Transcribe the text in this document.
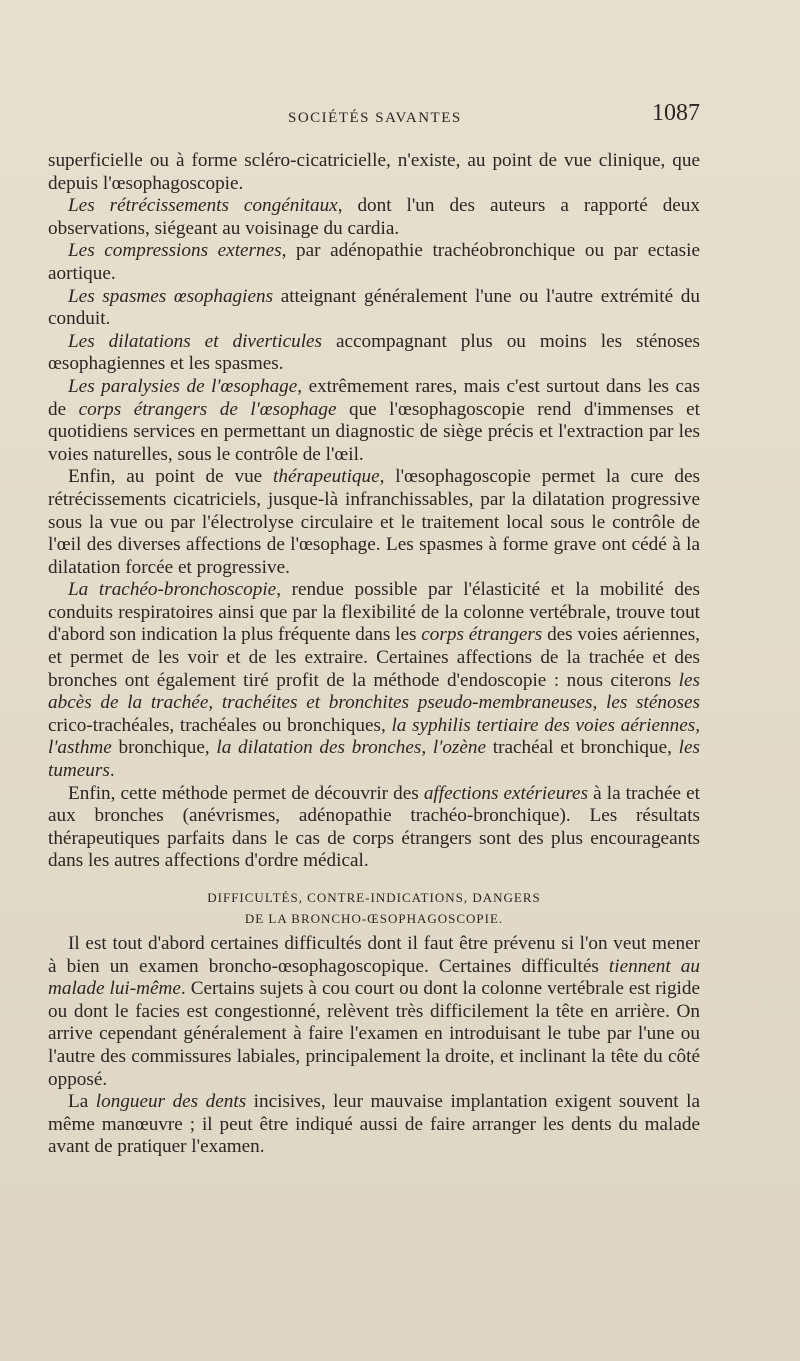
SOCIÉTÉS SAVANTES	1087

superficielle ou à forme scléro-cicatricielle, n'existe, au point de vue clinique, que depuis l'œsophagoscopie.

Les rétrécissements congénitaux, dont l'un des auteurs a rapporté deux observations, siégeant au voisinage du cardia.

Les compressions externes, par adénopathie trachéobronchique ou par ectasie aortique.

Les spasmes œsophagiens atteignant généralement l'une ou l'autre extrémité du conduit.

Les dilatations et diverticules accompagnant plus ou moins les sténoses œsophagiennes et les spasmes.

Les paralysies de l'œsophage, extrêmement rares, mais c'est surtout dans les cas de corps étrangers de l'œsophage que l'œsophagoscopie rend d'immenses et quotidiens services en permettant un diagnostic de siège précis et l'extraction par les voies naturelles, sous le contrôle de l'œil.

Enfin, au point de vue thérapeutique, l'œsophagoscopie permet la cure des rétrécissements cicatriciels, jusque-là infranchissables, par la dilatation progressive sous la vue ou par l'électrolyse circulaire et le traitement local sous le contrôle de l'œil des diverses affections de l'œsophage. Les spasmes à forme grave ont cédé à la dilatation forcée et progressive.

La trachéo-bronchoscopie, rendue possible par l'élasticité et la mobilité des conduits respiratoires ainsi que par la flexibilité de la colonne vertébrale, trouve tout d'abord son indication la plus fréquente dans les corps étrangers des voies aériennes, et permet de les voir et de les extraire. Certaines affections de la trachée et des bronches ont également tiré profit de la méthode d'endoscopie : nous citerons les abcès de la trachée, trachéites et bronchites pseudo-membraneuses, les sténoses crico-trachéales, trachéales ou bronchiques, la syphilis tertiaire des voies aériennes, l'asthme bronchique, la dilatation des bronches, l'ozène trachéal et bronchique, les tumeurs.

Enfin, cette méthode permet de découvrir des affections extérieures à la trachée et aux bronches (anévrismes, adénopathie trachéo-bronchique). Les résultats thérapeutiques parfaits dans le cas de corps étrangers sont des plus encourageants dans les autres affections d'ordre médical.

DIFFICULTÉS, CONTRE-INDICATIONS, DANGERS
DE LA BRONCHO-ŒSOPHAGOSCOPIE.

Il est tout d'abord certaines difficultés dont il faut être prévenu si l'on veut mener à bien un examen broncho-œsophagoscopique. Certaines difficultés tiennent au malade lui-même. Certains sujets à cou court ou dont la colonne vertébrale est rigide ou dont le facies est congestionné, relèvent très difficilement la tête en arrière. On arrive cependant généralement à faire l'examen en introduisant le tube par l'une ou l'autre des commissures labiales, principalement la droite, et inclinant la tête du côté opposé.

La longueur des dents incisives, leur mauvaise implantation exigent souvent la même manœuvre ; il peut être indiqué aussi de faire arranger les dents du malade avant de pratiquer l'examen.
